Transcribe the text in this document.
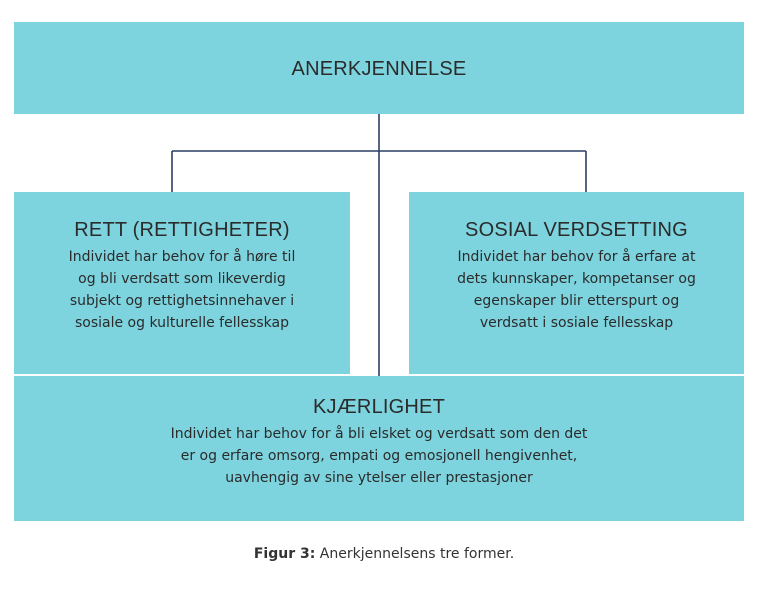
ANERKJENNELSE
RETT (RETTIGHETER)
Individet har behov for å høre til
og bli verdsatt som likeverdig
subjekt og rettighetsinnehaver i
sosiale og kulturelle fellesskap
SOSIAL VERDSETTING
Individet har behov for å erfare at
dets kunnskaper, kompetanser og
egenskaper blir etterspurt og
verdsatt i sosiale fellesskap
KJÆRLIGHET
Individet har behov for å bli elsket og verdsatt som den det
er og erfare omsorg, empati og emosjonell hengivenhet,
uavhengig av sine ytelser eller prestasjoner
Figur 3: Anerkjennelsens tre former.
